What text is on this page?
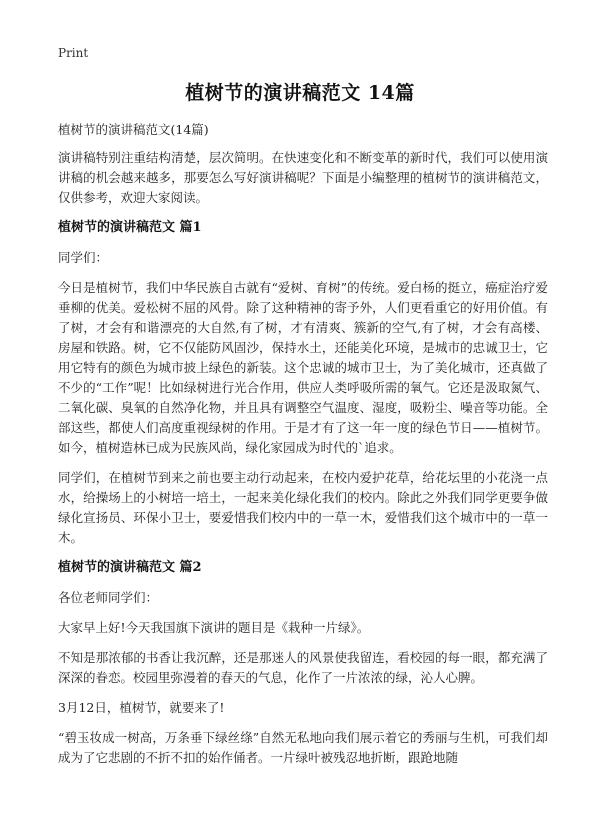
Print
植树节的演讲稿范文 14篇

植树节的演讲稿范文(14篇)

演讲稿特别注重结构清楚，层次简明。在快速变化和不断变革的新时代，我们可以使用演讲稿的机会越来越多，那要怎么写好演讲稿呢？下面是小编整理的植树节的演讲稿范文，仅供参考，欢迎大家阅读。

植树节的演讲稿范文 篇1

同学们：

今日是植树节，我们中华民族自古就有“爱树、育树”的传统。爱白杨的挺立，癌症治疗爱垂柳的优美。爱松树不屈的风骨。除了这种精神的寄予外，人们更看重它的好用价值。有了树，才会有和谐漂亮的大自然,有了树，才有清爽、簇新的空气,有了树，才会有高楼、房屋和铁路。树，它不仅能防风固沙，保持水土，还能美化环境，是城市的忠诚卫士，它用它特有的颜色为城市披上绿色的新装。这个忠诚的城市卫士，为了美化城市，还真做了不少的“工作”呢！比如绿树进行光合作用，供应人类呼吸所需的氧气。它还是汲取氮气、二氧化碳、臭氧的自然净化物，并且具有调整空气温度、湿度，吸粉尘、噪音等功能。全部这些，都使人们高度重视绿树的作用。于是才有了这一年一度的绿色节日——植树节。如今，植树造林已成为民族风尚，绿化家园成为时代的`追求。

同学们，在植树节到来之前也要主动行动起来，在校内爱护花草，给花坛里的小花浇一点水，给操场上的小树培一培土，一起来美化绿化我们的校内。除此之外我们同学更要争做绿化宣扬员、环保小卫士，要爱惜我们校内中的一草一木，爱惜我们这个城市中的一草一木。

植树节的演讲稿范文 篇2

各位老师同学们：

大家早上好!今天我国旗下演讲的题目是《栽种一片绿》。

不知是那浓郁的书香让我沉醉，还是那迷人的风景使我留连，看校园的每一眼，都充满了深深的眷恋。校园里弥漫着的春天的气息，化作了一片浓浓的绿，沁人心脾。

3月12日，植树节，就要来了!

“碧玉妆成一树高，万条垂下绿丝绦”自然无私地向我们展示着它的秀丽与生机，可我们却成为了它悲剧的不折不扣的始作俑者。一片绿叶被残忍地折断，跟跄地随
